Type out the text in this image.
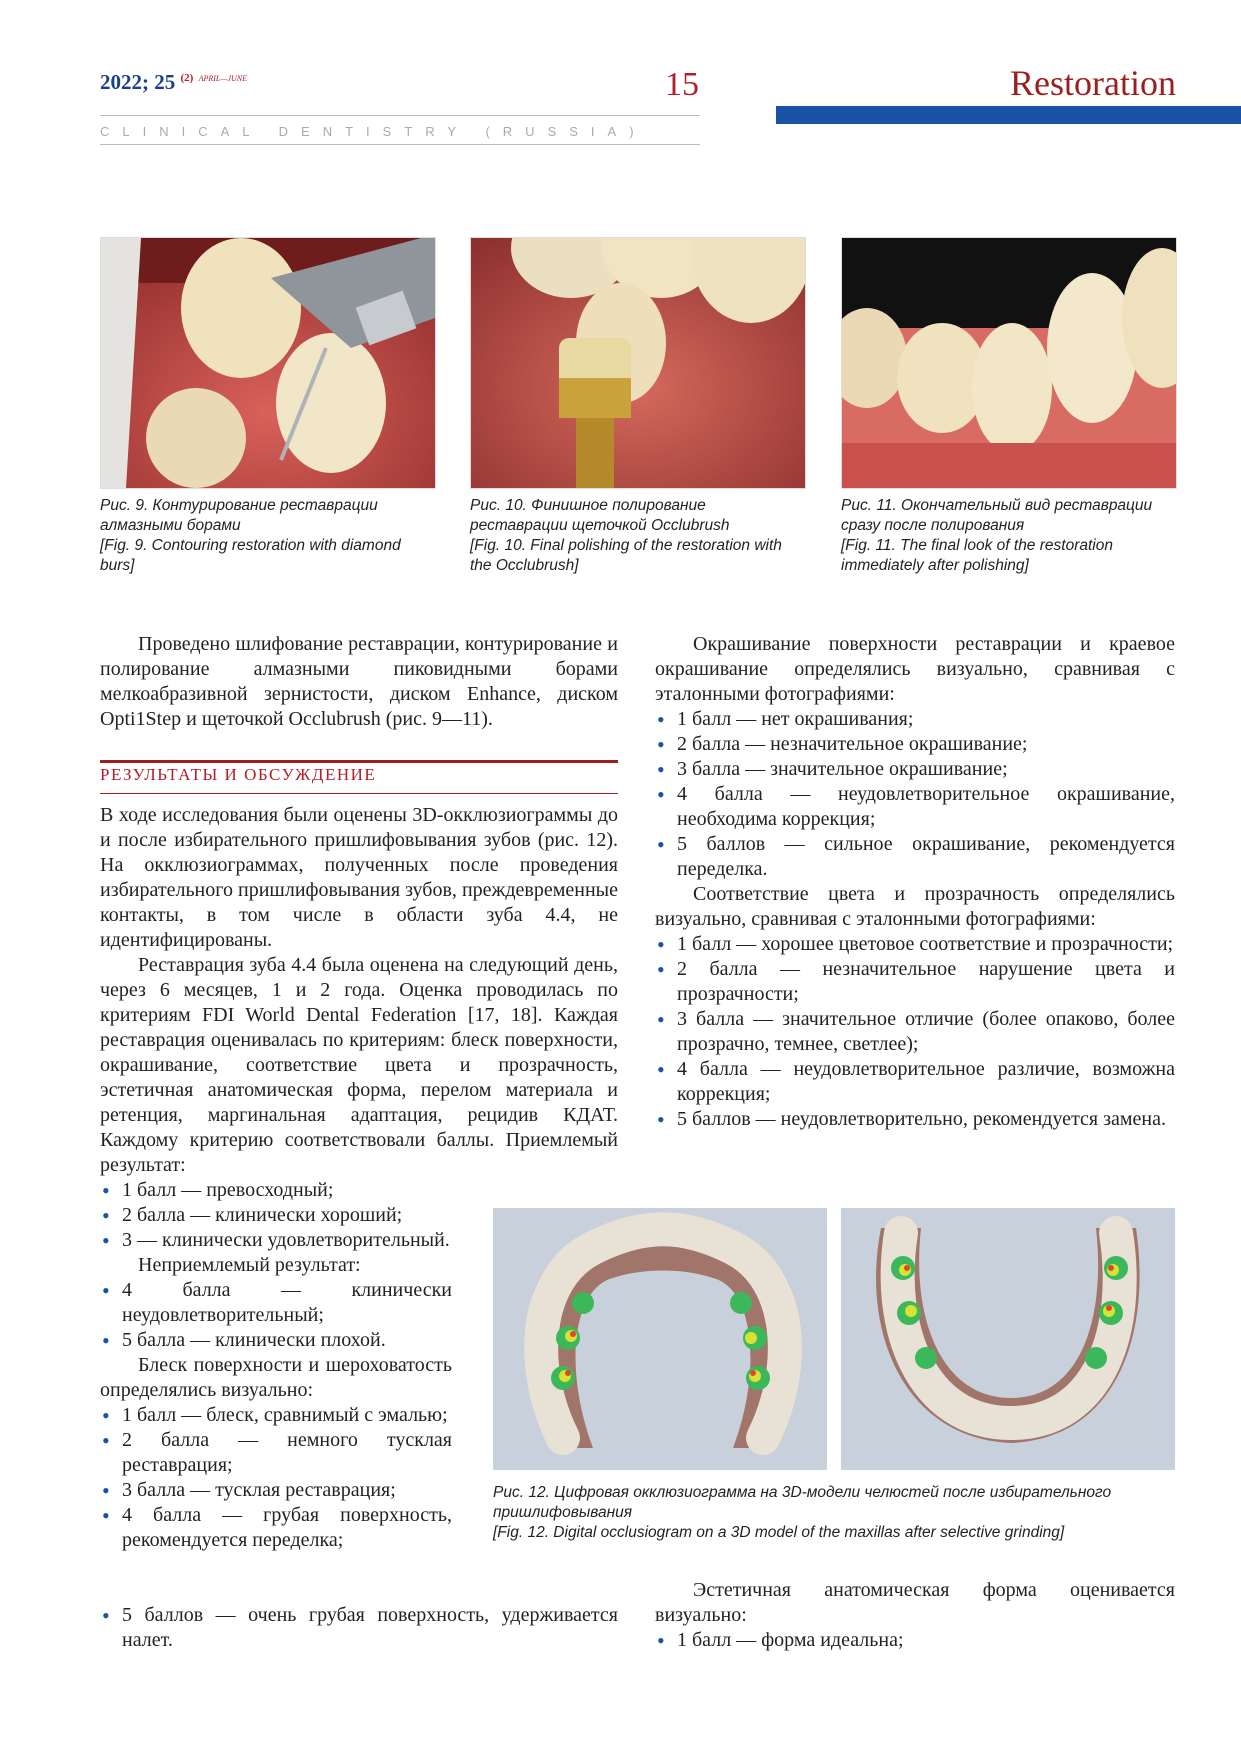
2022; 25 $^{(2)}$ $^{APRIL—JUNE}$	15	Restoration
CLINICAL DENTISTRY (RUSSIA)
Рис. 9. Контурирование реставрации алмазными борами
[Fig. 9. Contouring restoration with diamond burs]
Рис. 10. Финишное полирование реставрации щеточкой Occlubrush
[Fig. 10. Final polishing of the restoration with the Occlubrush]
Рис. 11. Окончательный вид реставрации сразу после полирования
[Fig. 11. The final look of the restoration immediately after polishing]

Проведено шлифование реставрации, контурирование и полирование алмазными пиковидными борами мелкоабразивной зернистости, диском Enhance, диском Opti1Step и щеточкой Occlubrush (рис. 9—11).

РЕЗУЛЬТАТЫ И ОБСУЖДЕНИЕ

В ходе исследования были оценены 3D-окклюзиограммы до и после избирательного пришлифовывания зубов (рис. 12). На окклюзиограммах, полученных после проведения избирательного пришлифовывания зубов, преждевременные контакты, в том числе в области зуба 4.4, не идентифицированы.

Реставрация зуба 4.4 была оценена на следующий день, через 6 месяцев, 1 и 2 года. Оценка проводилась по критериям FDI World Dental Federation [17, 18]. Каждая реставрация оценивалась по критериям: блеск поверхности, окрашивание, соответствие цвета и прозрачность, эстетичная анатомическая форма, перелом материала и ретенция, маргинальная адаптация, рецидив КДАТ. Каждому критерию соответствовали баллы. Приемлемый результат:

• 1 балл — превосходный;

• 2 балла — клинически хороший;

• 3 — клинически удовлетворительный.

Неприемлемый результат:

• 4 балла — клинически неудовлетворительный;

• 5 балла — клинически плохой.

Блеск поверхности и шероховатость определялись визуально:

• 1 балл — блеск, сравнимый с эмалью;

• 2 балла — немного тусклая реставрация;

• 3 балла — тусклая реставрация;

• 4 балла — грубая поверхность, рекомендуется переделка;

• 5 баллов — очень грубая поверхность, удерживается налет.

Окрашивание поверхности реставрации и краевое окрашивание определялись визуально, сравнивая с эталонными фотографиями:

• 1 балл — нет окрашивания;

• 2 балла — незначительное окрашивание;

• 3 балла — значительное окрашивание;

• 4 балла — неудовлетворительное окрашивание, необходима коррекция;

• 5 баллов — сильное окрашивание, рекомендуется переделка.

Соответствие цвета и прозрачность определялись визуально, сравнивая с эталонными фотографиями:

• 1 балл — хорошее цветовое соответствие и прозрачности;

• 2 балла — незначительное нарушение цвета и прозрачности;

• 3 балла — значительное отличие (более опаково, более прозрачно, темнее, светлее);

• 4 балла — неудовлетворительное различие, возможна коррекция;

• 5 баллов — неудовлетворительно, рекомендуется замена.

Рис. 12. Цифровая окклюзиограмма на 3D-модели челюстей после избирательного пришлифовывания
[Fig. 12. Digital occlusiogram on a 3D model of the maxillas after selective grinding]

Эстетичная анатомическая форма оценивается визуально:

• 1 балл — форма идеальна;
